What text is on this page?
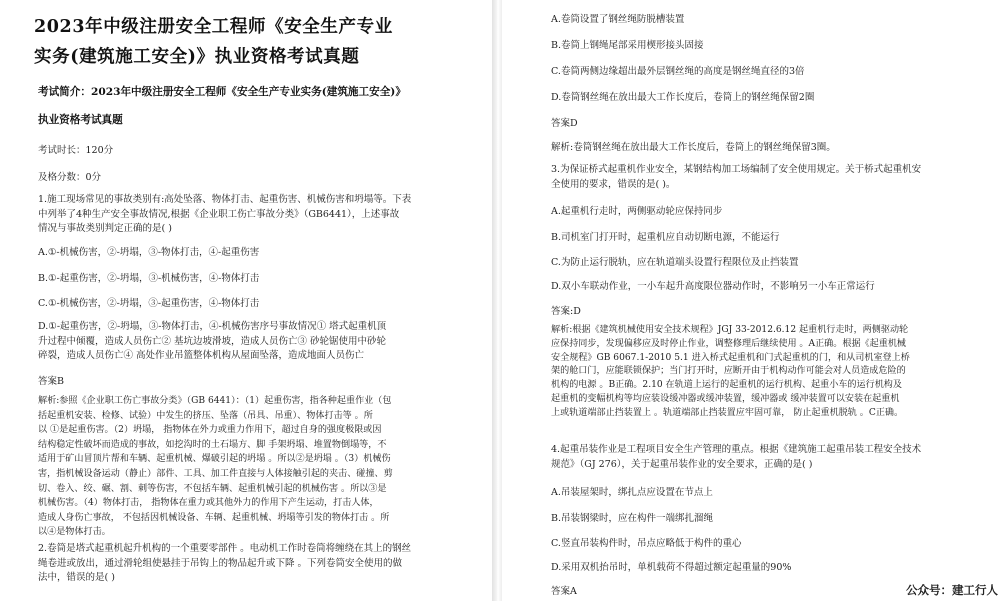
2023年中级注册安全工程师《安全生产专业

实务(建筑施工安全)》执业资格考试真题

考试简介：2023年中级注册安全工程师《安全生产专业实务(建筑施工安全)》

执业资格考试真题

考试时长：120分

及格分数：0分

1.施工现场常见的事故类别有:高处坠落、物体打击、起重伤害、机械伤害和坍塌等。下表
中列举了4种生产安全事故情况,根据《企业职工伤亡事故分类》（GB6441），上述事故
情况与事故类别判定正确的是( )

A.①-机械伤害，②-坍塌，③-物体打击，④-起重伤害

B.①-起重伤害，②-坍塌，③-机械伤害，④-物体打击

C.①-机械伤害，②-坍塌，③-起重伤害，④-物体打击

D.①-起重伤害，②-坍塌，③-物体打击，④-机械伤害序号事故情况① 塔式起重机顶
升过程中倾覆，造成人员伤亡② 基坑边坡滑坡，造成人员伤亡③ 砂轮锯使用中砂轮
碎裂，造成人员伤亡④ 高处作业吊篮整体机构从屋面坠落，造成地面人员伤亡

答案B

解析:参照《企业职工伤亡事故分类》（GB 6441）：（1）起重伤害，指各种起重作业（包
括起重机安装、检修、试验）中发生的挤压、坠落（吊具、吊重）、物体打击等 。所
以 ①是起重伤害。（2）坍塌， 指物体在外力或重力作用下，超过自身的强度极限或因
结构稳定性破坏而造成的事故，如挖沟时的土石塌方、脚 手架坍塌、堆置物倒塌等，不
适用于矿山冒顶片帮和车辆、起重机械、爆破引起的坍塌 。所以②是坍塌 。（3）机械伤
害，指机械设备运动（静止）部件、工具、加工件直接与人体接触引起的夹击、碰撞、剪
切、卷入、绞、碾、割、刺等伤害，不包括车辆、起重机械引起的机械伤害 。所以③是
机械伤害。（4）物体打击， 指物体在重力或其他外力的作用下产生运动，打击人体，
造成人身伤亡事故， 不包括因机械设备、车辆、起重机械、坍塌等引发的物体打击 。所
以④是物体打击。
2.卷筒是塔式起重机起升机构的一个重要零部件 。电动机工作时卷筒将缠绕在其上的钢丝
绳卷进或放出，通过滑轮组使悬挂于吊钩上的物品起升或下降 。下列卷筒安全使用的做
法中，错误的是( )

A.卷筒设置了钢丝绳防脱槽装置

B.卷筒上钢绳尾部采用楔形接头固接

C.卷筒两侧边缘超出最外层钢丝绳的高度是钢丝绳直径的3倍

D.卷筒钢丝绳在放出最大工作长度后，卷筒上的钢丝绳保留2圈

答案D

解析:卷筒钢丝绳在放出最大工作长度后，卷筒上的钢丝绳保留3圈。

3.为保证桥式起重机作业安全，某钢结构加工场编制了安全使用规定。关于桥式起重机安
全使用的要求，错误的是( )。

A.起重机行走时，两侧驱动轮应保持同步

B.司机室门打开时，起重机应自动切断电源，不能运行

C.为防止运行脱轨，应在轨道端头设置行程限位及止挡装置

D.双小车联动作业，一小车起升高度限位器动作时，不影响另一小车正常运行

答案:D

解析:根据《建筑机械使用安全技术规程》JGJ 33-2012.6.12 起重机行走时，两侧驱动轮
应保持同步，发现偏移应及时停止作业，调整修理后继续使用 。A正确。根据《起重机械
安全规程》GB 6067.1-2010 5.1 进入桥式起重机和门式起重机的门，和从司机室登上桥
架的舱口门，应能联锁保护；当门打开时，应断开由于机构动作可能会对人员造成危险的
机构的电源 。B正确。2.10 在轨道上运行的起重机的运行机构、起重小车的运行机构及
起重机的变幅机构等均应装设缓冲器或缓冲装置，缓冲器或 缓冲装置可以安装在起重机
上或轨道端部止挡装置上 。轨道端部止挡装置应牢固可靠， 防止起重机脱轨 。C正确。
4.起重吊装作业是工程项目安全生产管理的重点。根据《建筑施工起重吊装工程安全技术
规范》（GJ 276），关于起重吊装作业的安全要求，正确的是( )

A.吊装屋架时，绑扎点应设置在节点上

B.吊装钢梁时，应在构件一端绑扎溜绳

C.竖直吊装构件时，吊点应略低于构件的重心

D.采用双机抬吊时，单机载荷不得超过额定起重量的90%

答案A	公众号：建工行人
